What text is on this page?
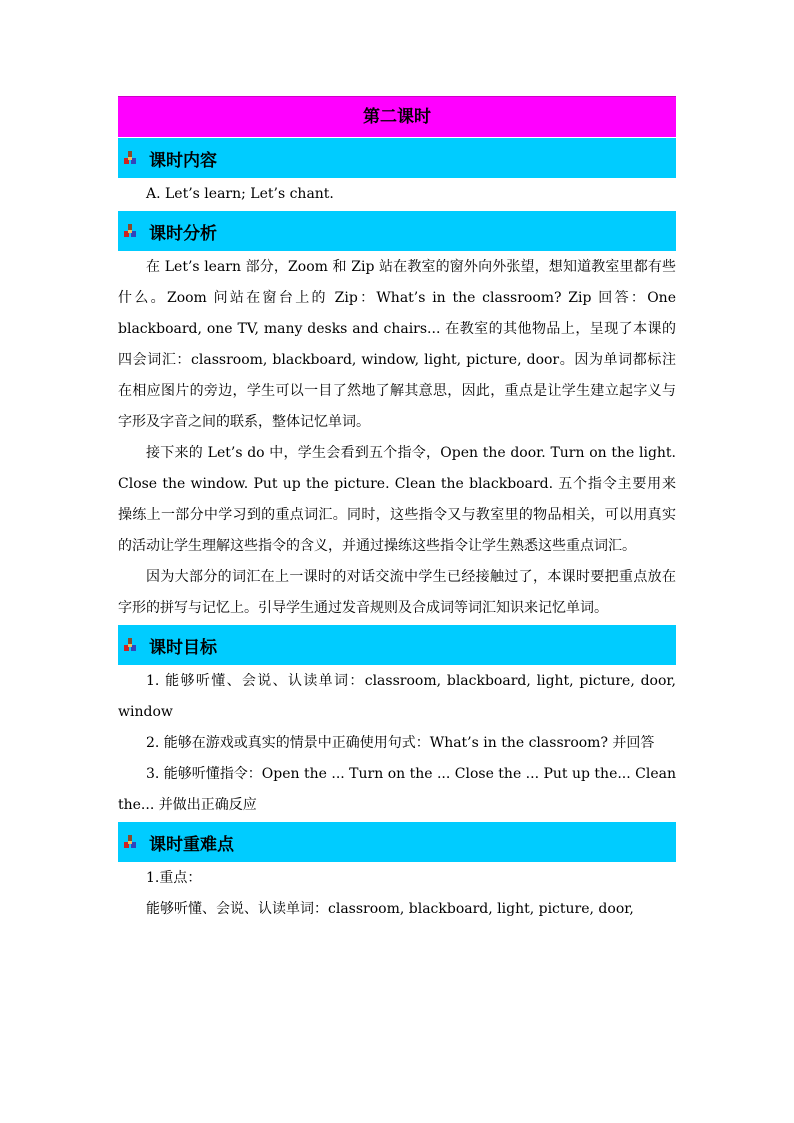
第二课时
课时内容

A. Let’s learn; Let’s chant.

课时分析

在 Let’s learn 部分，Zoom 和 Zip 站在教室的窗外向外张望，想知道教室里都有些什么。Zoom 问站在窗台上的 Zip：What’s in the classroom? Zip 回答：One blackboard, one TV, many desks and chairs... 在教室的其他物品上，呈现了本课的四会词汇：classroom, blackboard, window, light, picture, door。因为单词都标注在相应图片的旁边，学生可以一目了然地了解其意思，因此，重点是让学生建立起字义与字形及字音之间的联系，整体记忆单词。

接下来的 Let’s do 中，学生会看到五个指令，Open the door. Turn on the light. Close the window. Put up the picture. Clean the blackboard. 五个指令主要用来操练上一部分中学习到的重点词汇。同时，这些指令又与教室里的物品相关，可以用真实的活动让学生理解这些指令的含义，并通过操练这些指令让学生熟悉这些重点词汇。

因为大部分的词汇在上一课时的对话交流中学生已经接触过了，本课时要把重点放在字形的拼写与记忆上。引导学生通过发音规则及合成词等词汇知识来记忆单词。

课时目标

1. 能够听懂、会说、认读单词：classroom, blackboard, light, picture, door, window

2. 能够在游戏或真实的情景中正确使用句式：What’s in the classroom? 并回答

3. 能够听懂指令：Open the ... Turn on the ... Close the ... Put up the... Clean the... 并做出正确反应

课时重难点

1.重点：

能够听懂、会说、认读单词：classroom, blackboard, light, picture, door,
